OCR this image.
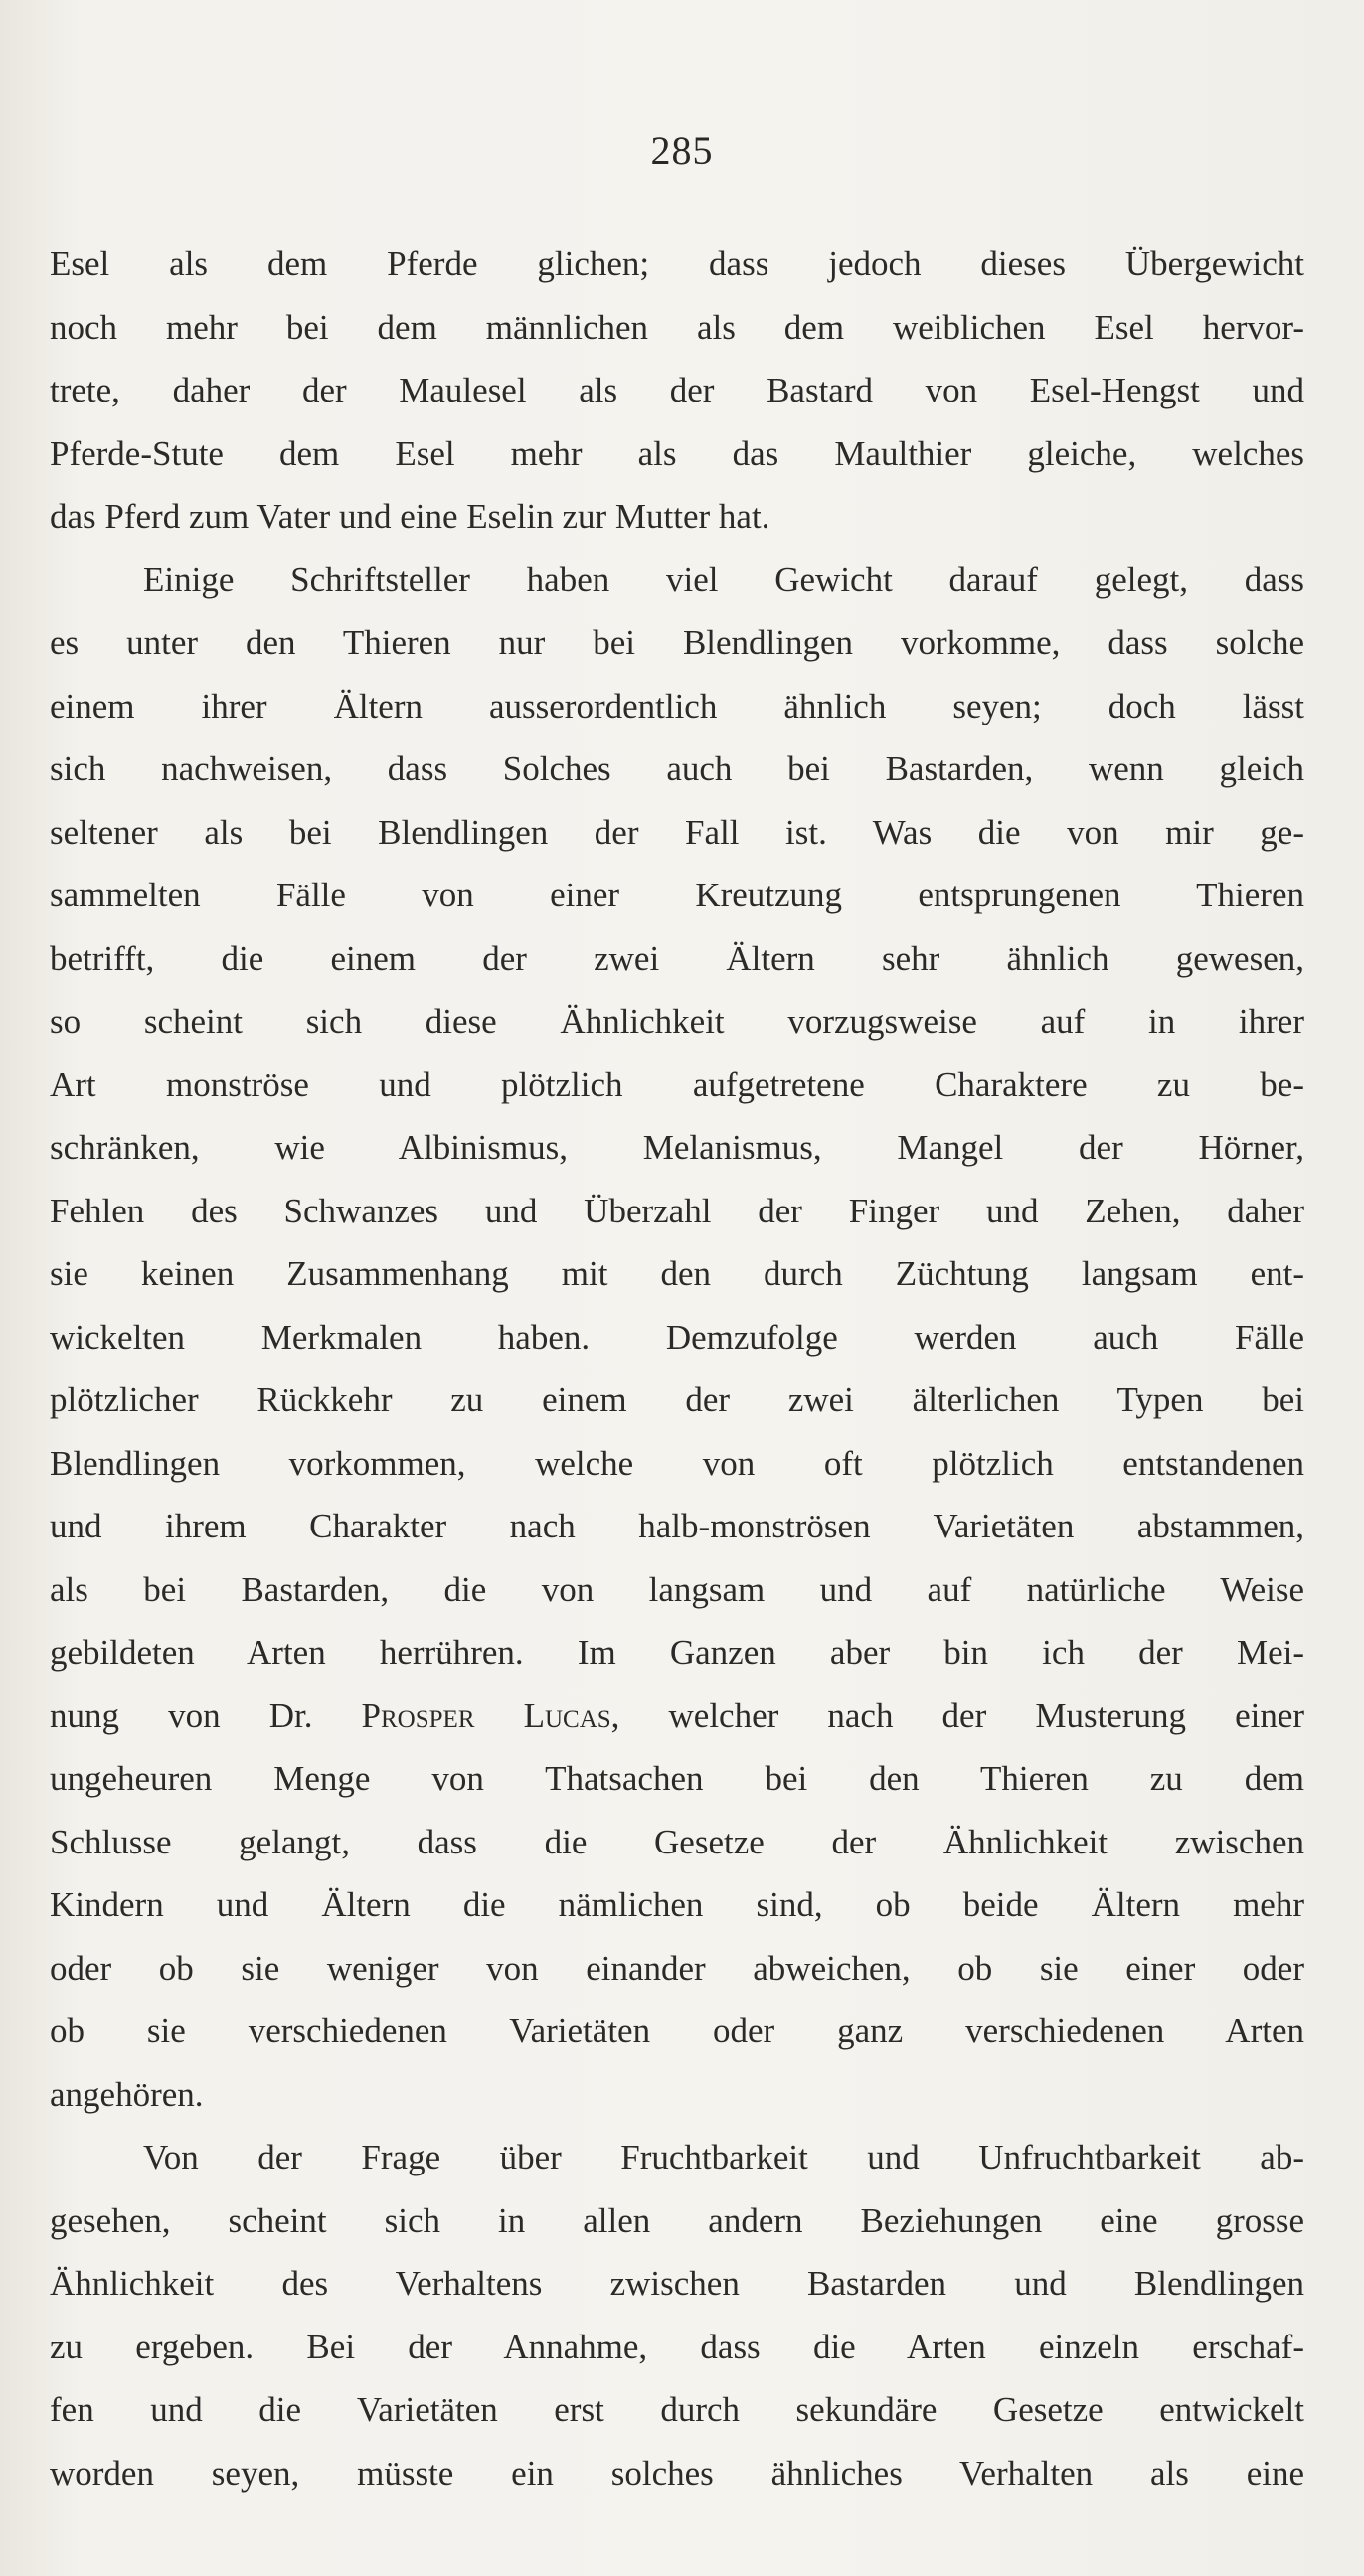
285
Esel als dem Pferde glichen; dass jedoch dieses Übergewicht
noch mehr bei dem männlichen als dem weiblichen Esel hervor-
trete, daher der Maulesel als der Bastard von Esel-Hengst und
Pferde-Stute dem Esel mehr als das Maulthier gleiche, welches
das Pferd zum Vater und eine Eselin zur Mutter hat.
Einige Schriftsteller haben viel Gewicht darauf gelegt, dass
es unter den Thieren nur bei Blendlingen vorkomme, dass solche
einem ihrer Ältern ausserordentlich ähnlich seyen; doch lässt
sich nachweisen, dass Solches auch bei Bastarden, wenn gleich
seltener als bei Blendlingen der Fall ist. Was die von mir ge-
sammelten Fälle von einer Kreutzung entsprungenen Thieren
betrifft, die einem der zwei Ältern sehr ähnlich gewesen,
so scheint sich diese Ähnlichkeit vorzugsweise auf in ihrer
Art monströse und plötzlich aufgetretene Charaktere zu be-
schränken, wie Albinismus, Melanismus, Mangel der Hörner,
Fehlen des Schwanzes und Überzahl der Finger und Zehen, daher
sie keinen Zusammenhang mit den durch Züchtung langsam ent-
wickelten Merkmalen haben. Demzufolge werden auch Fälle
plötzlicher Rückkehr zu einem der zwei älterlichen Typen bei
Blendlingen vorkommen, welche von oft plötzlich entstandenen
und ihrem Charakter nach halb-monströsen Varietäten abstammen,
als bei Bastarden, die von langsam und auf natürliche Weise
gebildeten Arten herrühren. Im Ganzen aber bin ich der Mei-
nung von Dr. Prosper Lucas, welcher nach der Musterung einer
ungeheuren Menge von Thatsachen bei den Thieren zu dem
Schlusse gelangt, dass die Gesetze der Ähnlichkeit zwischen
Kindern und Ältern die nämlichen sind, ob beide Ältern mehr
oder ob sie weniger von einander abweichen, ob sie einer oder
ob sie verschiedenen Varietäten oder ganz verschiedenen Arten
angehören.
Von der Frage über Fruchtbarkeit und Unfruchtbarkeit ab-
gesehen, scheint sich in allen andern Beziehungen eine grosse
Ähnlichkeit des Verhaltens zwischen Bastarden und Blendlingen
zu ergeben. Bei der Annahme, dass die Arten einzeln erschaf-
fen und die Varietäten erst durch sekundäre Gesetze entwickelt
worden seyen, müsste ein solches ähnliches Verhalten als eine
